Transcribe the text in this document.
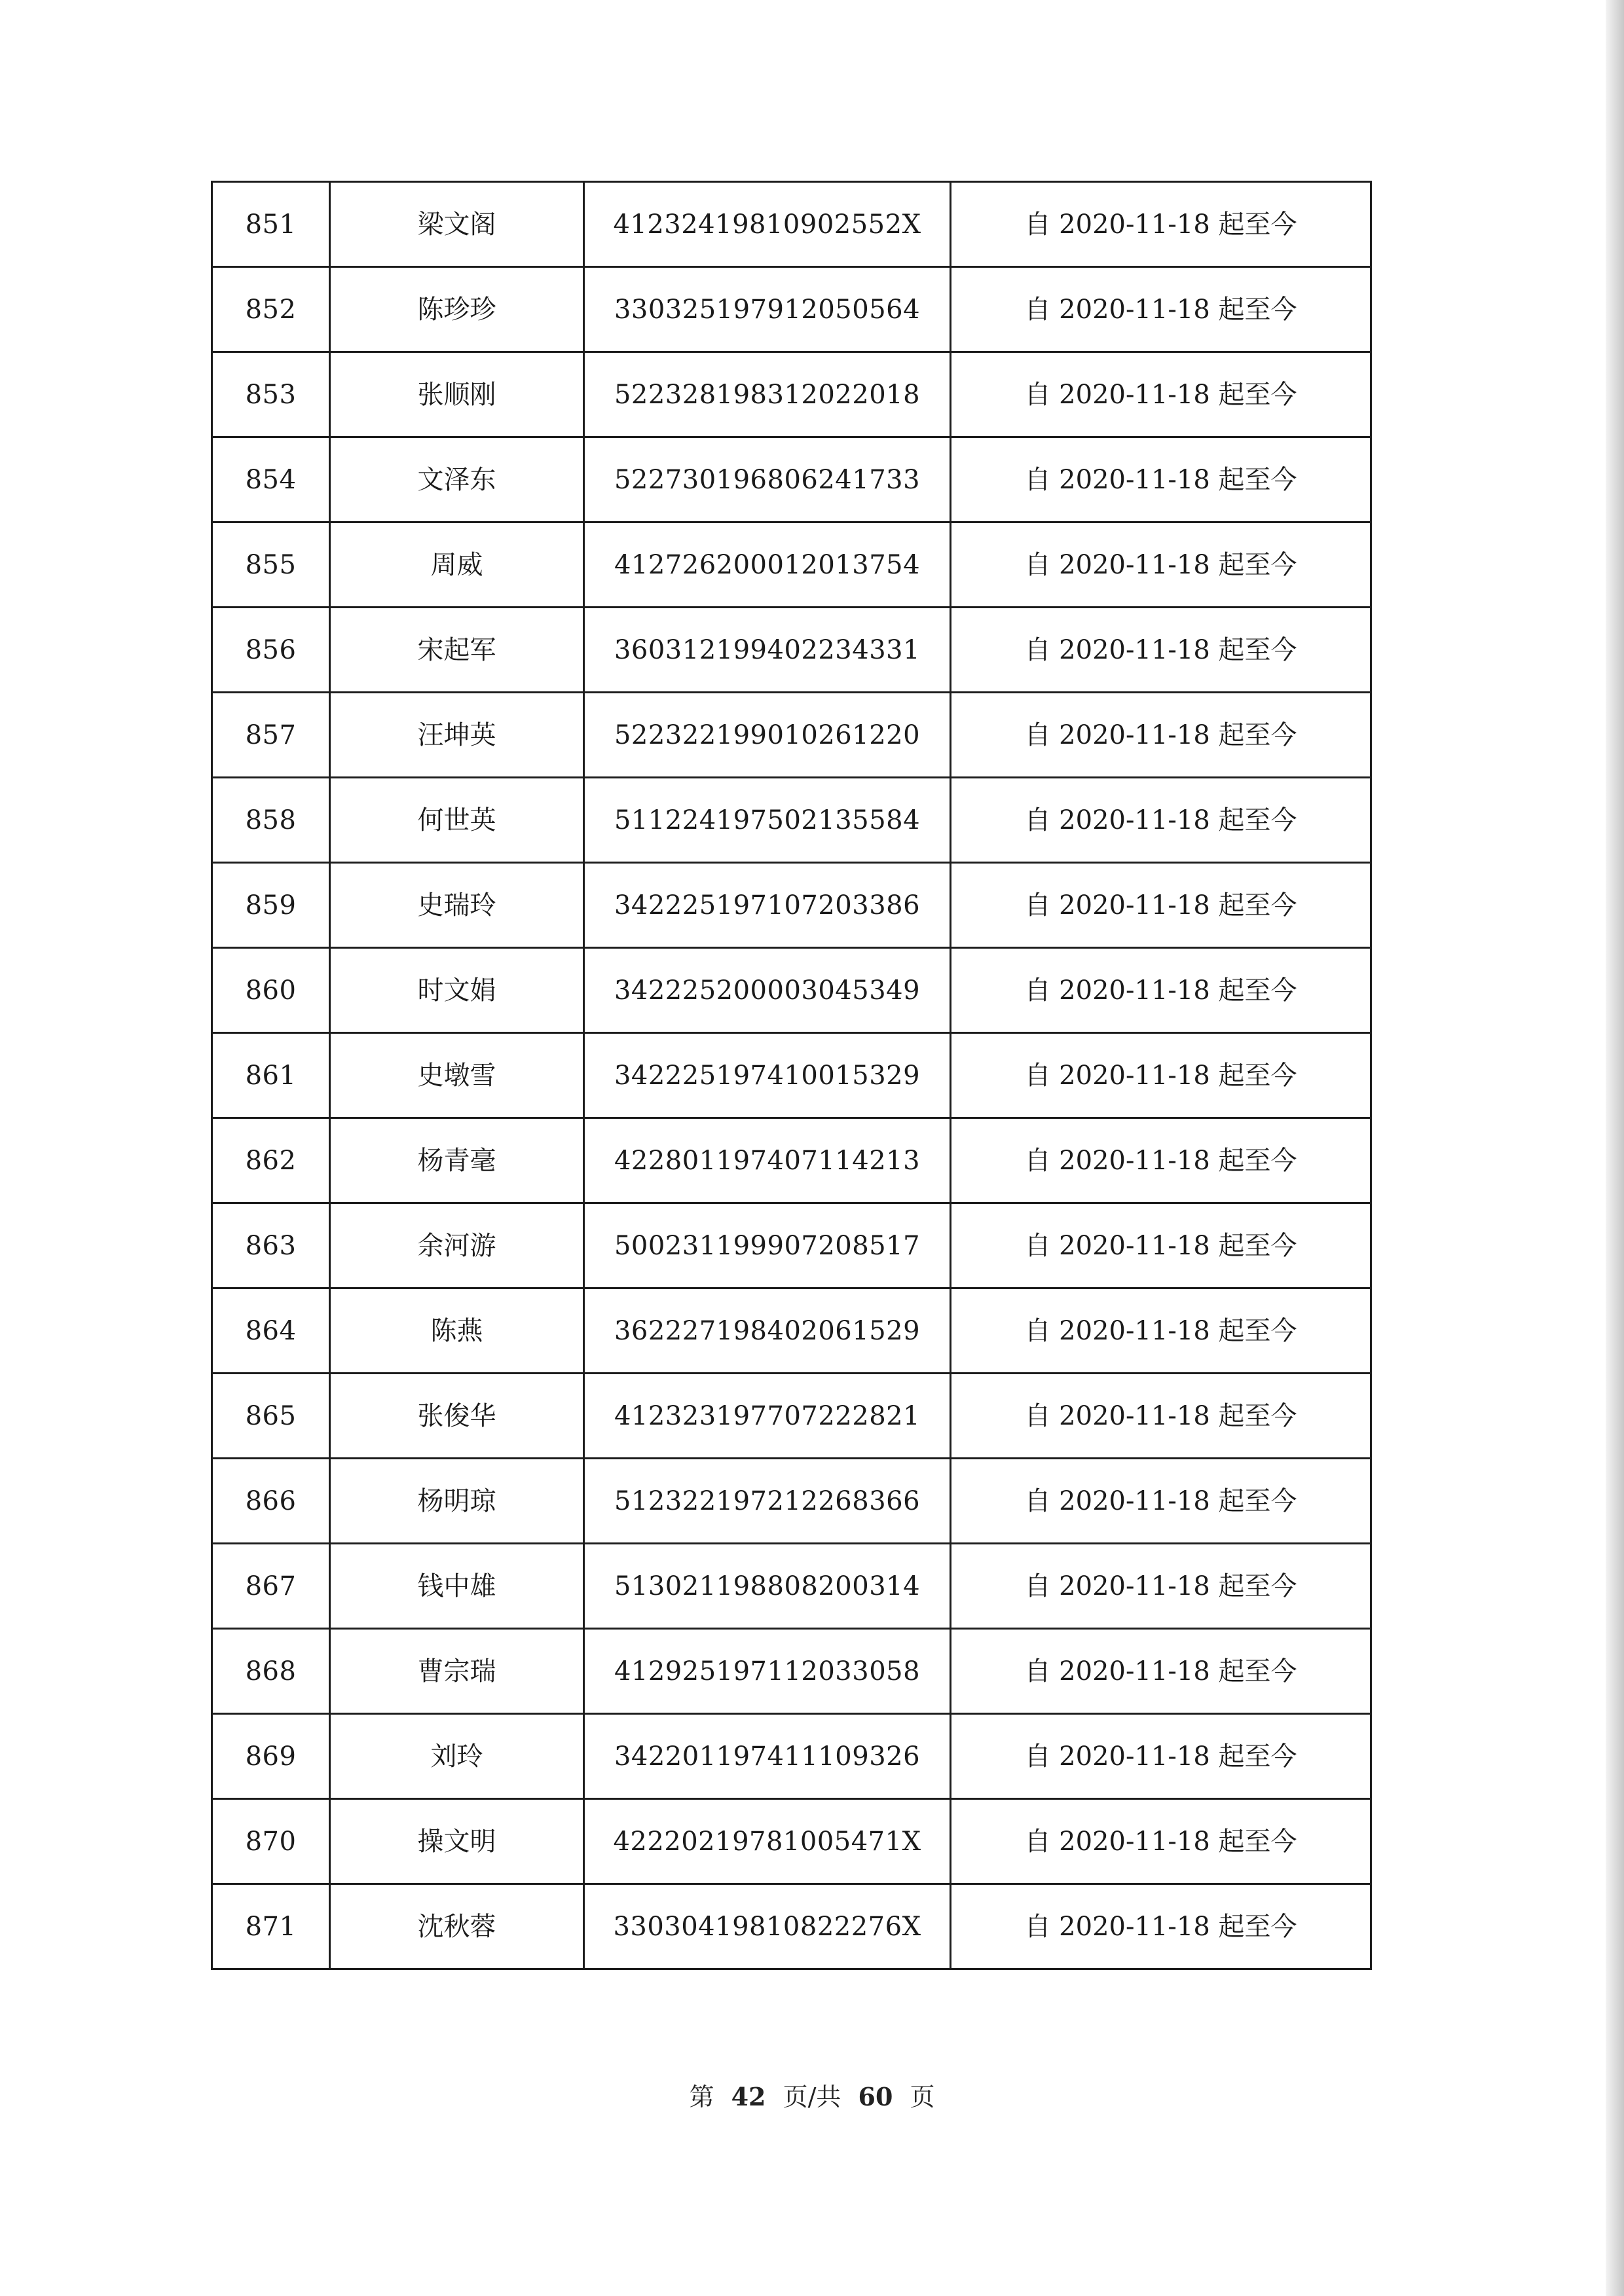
851	梁文阁	41232419810902552X	自 2020-11-18 起至今
852	陈珍珍	330325197912050564	自 2020-11-18 起至今
853	张顺刚	522328198312022018	自 2020-11-18 起至今
854	文泽东	522730196806241733	自 2020-11-18 起至今
855	周威	412726200012013754	自 2020-11-18 起至今
856	宋起军	360312199402234331	自 2020-11-18 起至今
857	汪坤英	522322199010261220	自 2020-11-18 起至今
858	何世英	511224197502135584	自 2020-11-18 起至今
859	史瑞玲	342225197107203386	自 2020-11-18 起至今
860	时文娟	342225200003045349	自 2020-11-18 起至今
861	史墩雪	342225197410015329	自 2020-11-18 起至今
862	杨青毫	422801197407114213	自 2020-11-18 起至今
863	余河游	500231199907208517	自 2020-11-18 起至今
864	陈燕	362227198402061529	自 2020-11-18 起至今
865	张俊华	412323197707222821	自 2020-11-18 起至今
866	杨明琼	512322197212268366	自 2020-11-18 起至今
867	钱中雄	513021198808200314	自 2020-11-18 起至今
868	曹宗瑞	412925197112033058	自 2020-11-18 起至今
869	刘玲	342201197411109326	自 2020-11-18 起至今
870	操文明	42220219781005471X	自 2020-11-18 起至今
871	沈秋蓉	33030419810822276X	自 2020-11-18 起至今
第 42 页/共 60 页
